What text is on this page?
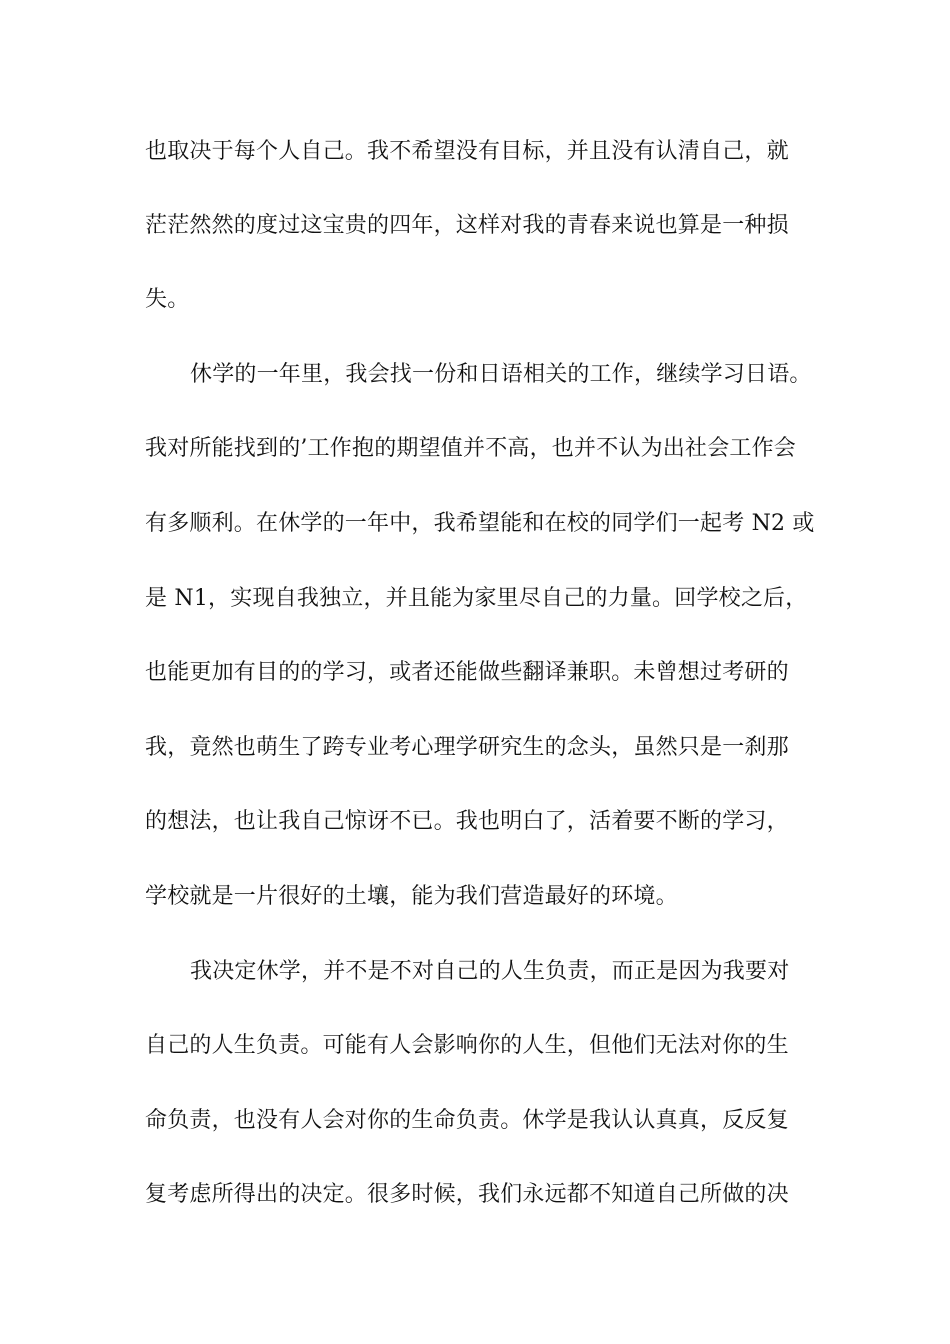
也取决于每个人自己。我不希望没有目标，并且没有认清自己，就
茫茫然然的度过这宝贵的四年，这样对我的青春来说也算是一种损
失。
休学的一年里，我会找一份和日语相关的工作，继续学习日语。
我对所能找到的’工作抱的期望值并不高，也并不认为出社会工作会
有多顺利。在休学的一年中，我希望能和在校的同学们一起考 N2 或
是 N1，实现自我独立，并且能为家里尽自己的力量。回学校之后，
也能更加有目的的学习，或者还能做些翻译兼职。未曾想过考研的
我，竟然也萌生了跨专业考心理学研究生的念头，虽然只是一刹那
的想法，也让我自己惊讶不已。我也明白了，活着要不断的学习，
学校就是一片很好的土壤，能为我们营造最好的环境。
我决定休学，并不是不对自己的人生负责，而正是因为我要对
自己的人生负责。可能有人会影响你的人生，但他们无法对你的生
命负责，也没有人会对你的生命负责。休学是我认认真真，反反复
复考虑所得出的决定。很多时候，我们永远都不知道自己所做的决
